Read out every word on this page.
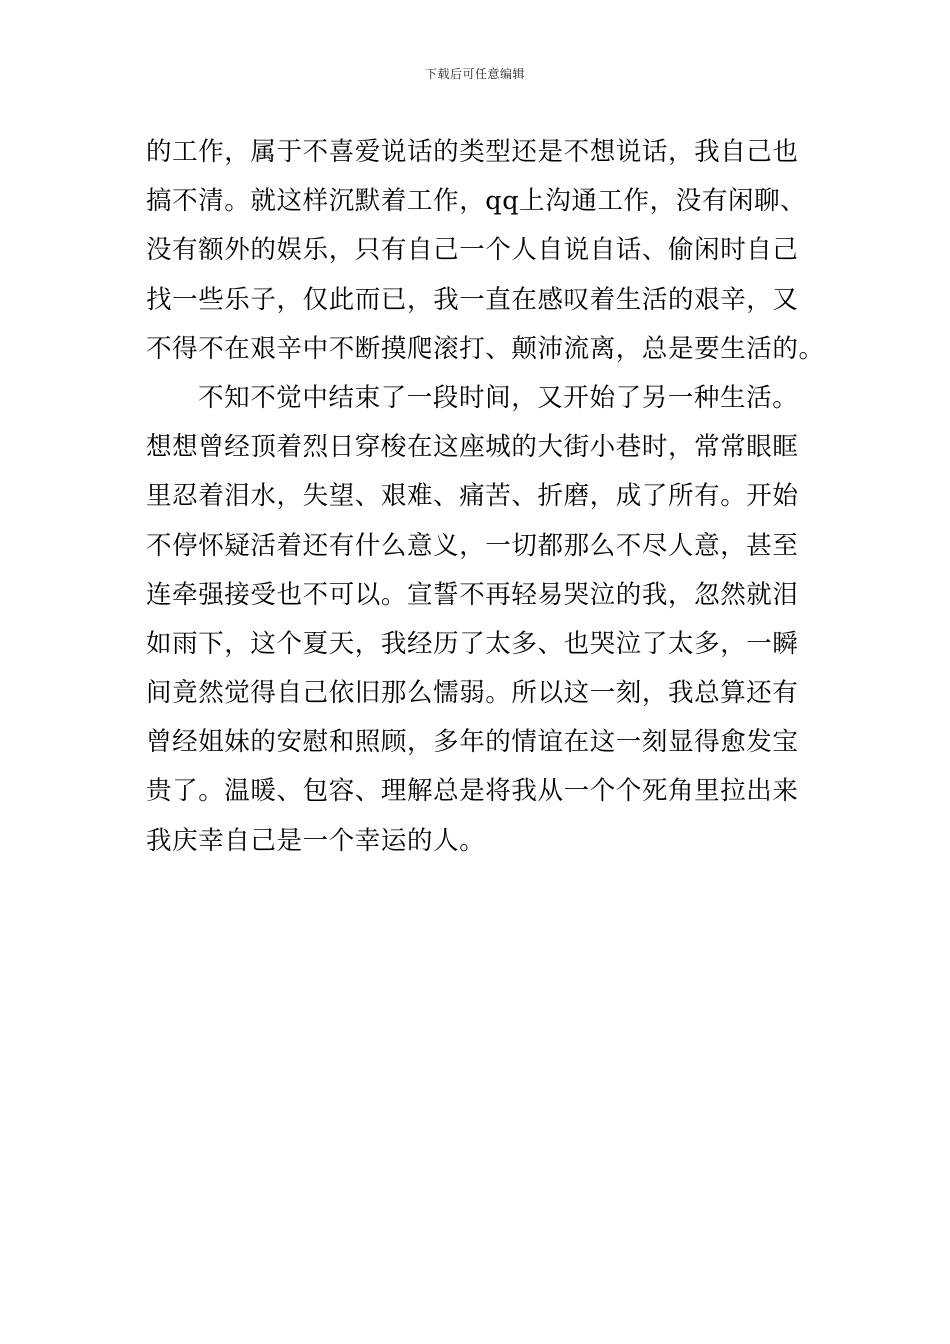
下载后可任意编辑
的工作，属于不喜爱说话的类型还是不想说话，我自己也
搞不清。就这样沉默着工作，qq上沟通工作，没有闲聊、
没有额外的娱乐，只有自己一个人自说自话、偷闲时自己
找一些乐子，仅此而已，我一直在感叹着生活的艰辛，又
不得不在艰辛中不断摸爬滚打、颠沛流离，总是要生活的。
不知不觉中结束了一段时间，又开始了另一种生活。
想想曾经顶着烈日穿梭在这座城的大街小巷时，常常眼眶
里忍着泪水，失望、艰难、痛苦、折磨，成了所有。开始
不停怀疑活着还有什么意义，一切都那么不尽人意，甚至
连牵强接受也不可以。宣誓不再轻易哭泣的我，忽然就泪
如雨下，这个夏天，我经历了太多、也哭泣了太多，一瞬
间竟然觉得自己依旧那么懦弱。所以这一刻，我总算还有
曾经姐妹的安慰和照顾，多年的情谊在这一刻显得愈发宝
贵了。温暖、包容、理解总是将我从一个个死角里拉出来
我庆幸自己是一个幸运的人。
